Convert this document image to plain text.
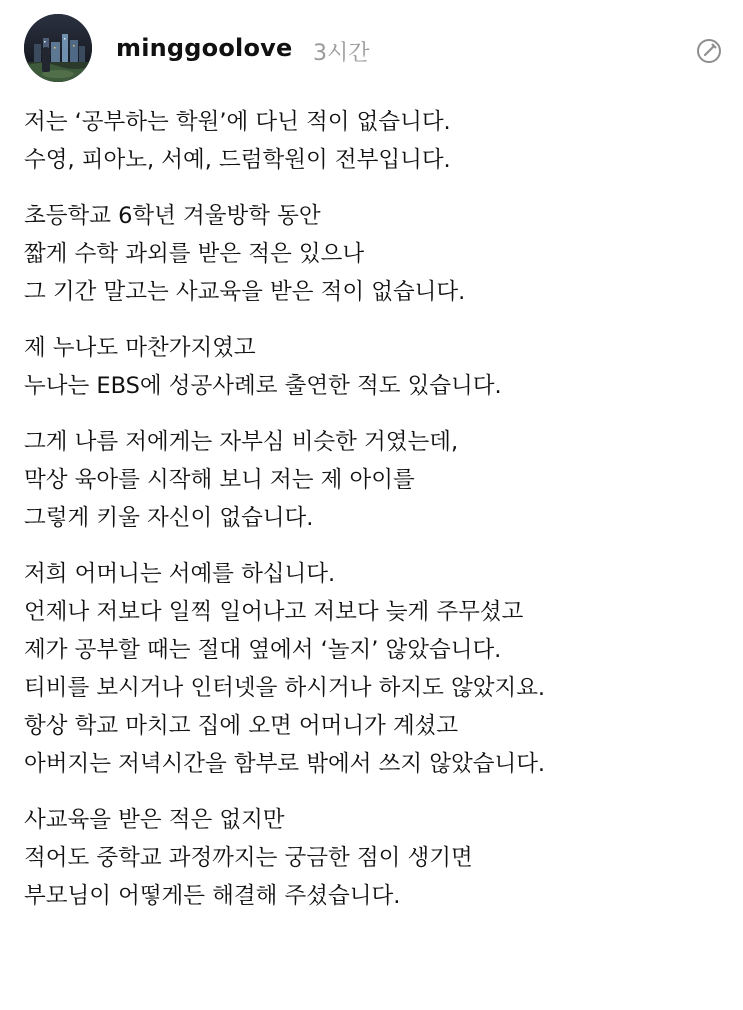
minggoolove 3시간
저는 ‘공부하는 학원’에 다닌 적이 없습니다.
수영, 피아노, 서예, 드럼학원이 전부입니다.
초등학교 6학년 겨울방학 동안
짧게 수학 과외를 받은 적은 있으나
그 기간 말고는 사교육을 받은 적이 없습니다.
제 누나도 마찬가지였고
누나는 EBS에 성공사례로 출연한 적도 있습니다.
그게 나름 저에게는 자부심 비슷한 거였는데,
막상 육아를 시작해 보니 저는 제 아이를
그렇게 키울 자신이 없습니다.
저희 어머니는 서예를 하십니다.
언제나 저보다 일찍 일어나고 저보다 늦게 주무셨고
제가 공부할 때는 절대 옆에서 ‘놀지’ 않았습니다.
티비를 보시거나 인터넷을 하시거나 하지도 않았지요.
항상 학교 마치고 집에 오면 어머니가 계셨고
아버지는 저녁시간을 함부로 밖에서 쓰지 않았습니다.
사교육을 받은 적은 없지만
적어도 중학교 과정까지는 궁금한 점이 생기면
부모님이 어떻게든 해결해 주셨습니다.
